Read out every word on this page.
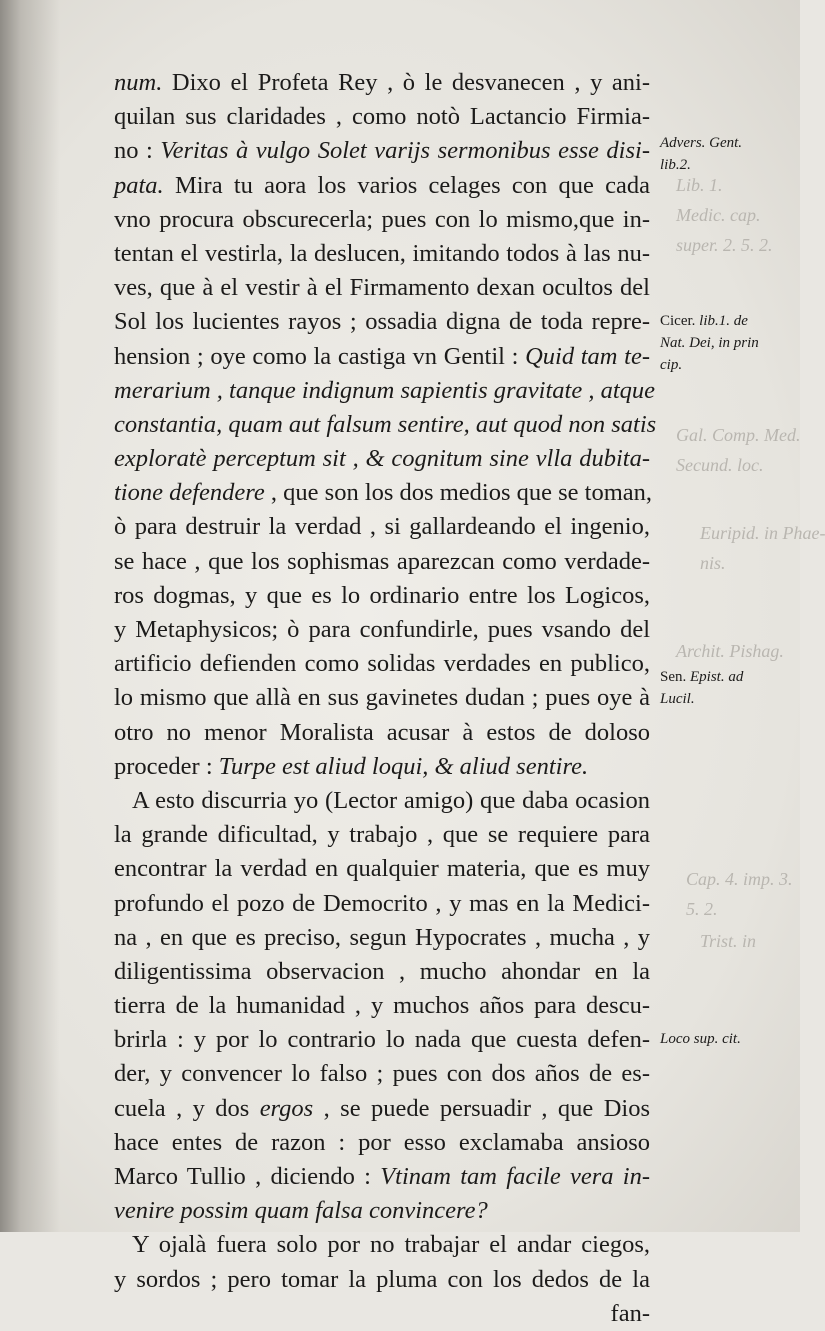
Lib. 1.
Medic. cap.
super. 2. 5. 2.
Gal. Comp. Med.
Secund. loc.
Euripid. in Phae-
nis.
Archit. Pishag.
Cap. 4. imp. 3.
5. 2.
Trist. in
num. Dixo el Profeta Rey , ò le desvanecen , y ani-
quilan sus claridades , como notò Lactancio Firmia-
no : Veritas à vulgo Solet varijs sermonibus esse disi-
pata. Mira tu aora los varios celages con que cada
vno procura obscurecerla; pues con lo mismo,que in-
tentan el vestirla, la deslucen, imitando todos à las nu-
ves, que à el vestir à el Firmamento dexan ocultos del
Sol los lucientes rayos ; ossadia digna de toda repre-
hension ; oye como la castiga vn Gentil : Quid tam te-
merarium , tanque indignum sapientis gravitate , atque
constantia, quam aut falsum sentire, aut quod non satis
exploratè perceptum sit , & cognitum sine vlla dubita-
tione defendere , que son los dos medios que se toman,
ò para destruir la verdad , si gallardeando el ingenio,
se hace , que los sophismas aparezcan como verdade-
ros dogmas, y que es lo ordinario entre los Logicos,
y Metaphysicos; ò para confundirle, pues vsando del
artificio defienden como solidas verdades en publico,
lo mismo que allà en sus gavinetes dudan ; pues oye à
otro no menor Moralista acusar à estos de doloso
proceder : Turpe est aliud loqui, & aliud sentire.
A esto discurria yo (Lector amigo) que daba ocasion
la grande dificultad, y trabajo , que se requiere para
encontrar la verdad en qualquier materia, que es muy
profundo el pozo de Democrito , y mas en la Medici-
na , en que es preciso, segun Hypocrates , mucha , y
diligentissima observacion , mucho ahondar en la
tierra de la humanidad , y muchos años para descu-
brirla : y por lo contrario lo nada que cuesta defen-
der, y convencer lo falso ; pues con dos años de es-
cuela , y dos ergos , se puede persuadir , que Dios
hace entes de razon : por esso exclamaba ansioso
Marco Tullio , diciendo : Vtinam tam facile vera in-
venire possim quam falsa convincere?
Y ojalà fuera solo por no trabajar el andar ciegos,
y sordos ; pero tomar la pluma con los dedos de la
fan-
Advers. Gent.
lib.2.
Cicer. lib.1. de
Nat. Dei, in prin
cip.
Sen. Epist. ad
Lucil.
Loco sup. cit.
